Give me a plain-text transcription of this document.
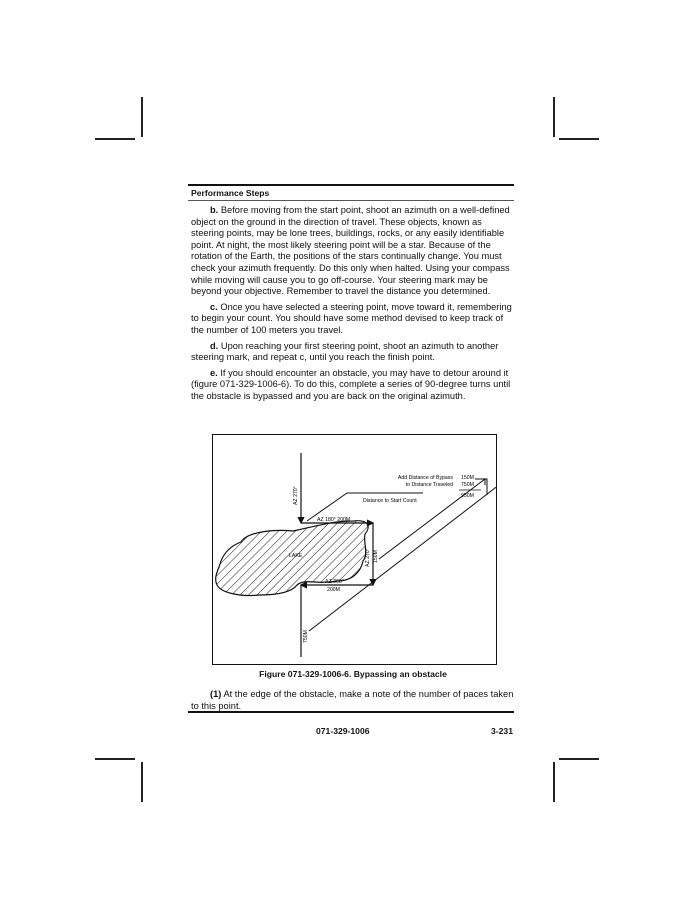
Performance Steps

b. Before moving from the start point, shoot an azimuth on a well-defined object on the ground in the direction of travel. These objects, known as steering points, may be lone trees, buildings, rocks, or any easily identifiable point. At night, the most likely steering point will be a star. Because of the rotation of the Earth, the positions of the stars continually change. You must check your azimuth frequently. Do this only when halted. Using your compass while moving will cause you to go off-course. Your steering mark may be beyond your objective. Remember to travel the distance you determined.

c. Once you have selected a steering point, move toward it, remembering to begin your count. You should have some method devised to keep track of the number of 100 meters you travel.

d. Upon reaching your first steering point, shoot an azimuth to another steering mark, and repeat c, until you reach the finish point.

e. If you should encounter an obstacle, you may have to detour around it (figure 071-329-1006-6). To do this, complete a series of 90-degree turns until the obstacle is bypassed and you are back on the original azimuth.

Add Distance of Bypass
to Distance Traveled
150M
750M
950M
Distance to Start Count
AZ 270°
AZ 180° 200M
LAKE	AZ 270° 150M
AZ 360°
200M
750M
Figure 071-329-1006-6. Bypassing an obstacle

(1) At the edge of the obstacle, make a note of the number of paces taken to this point.

071-329-1006	3-231
